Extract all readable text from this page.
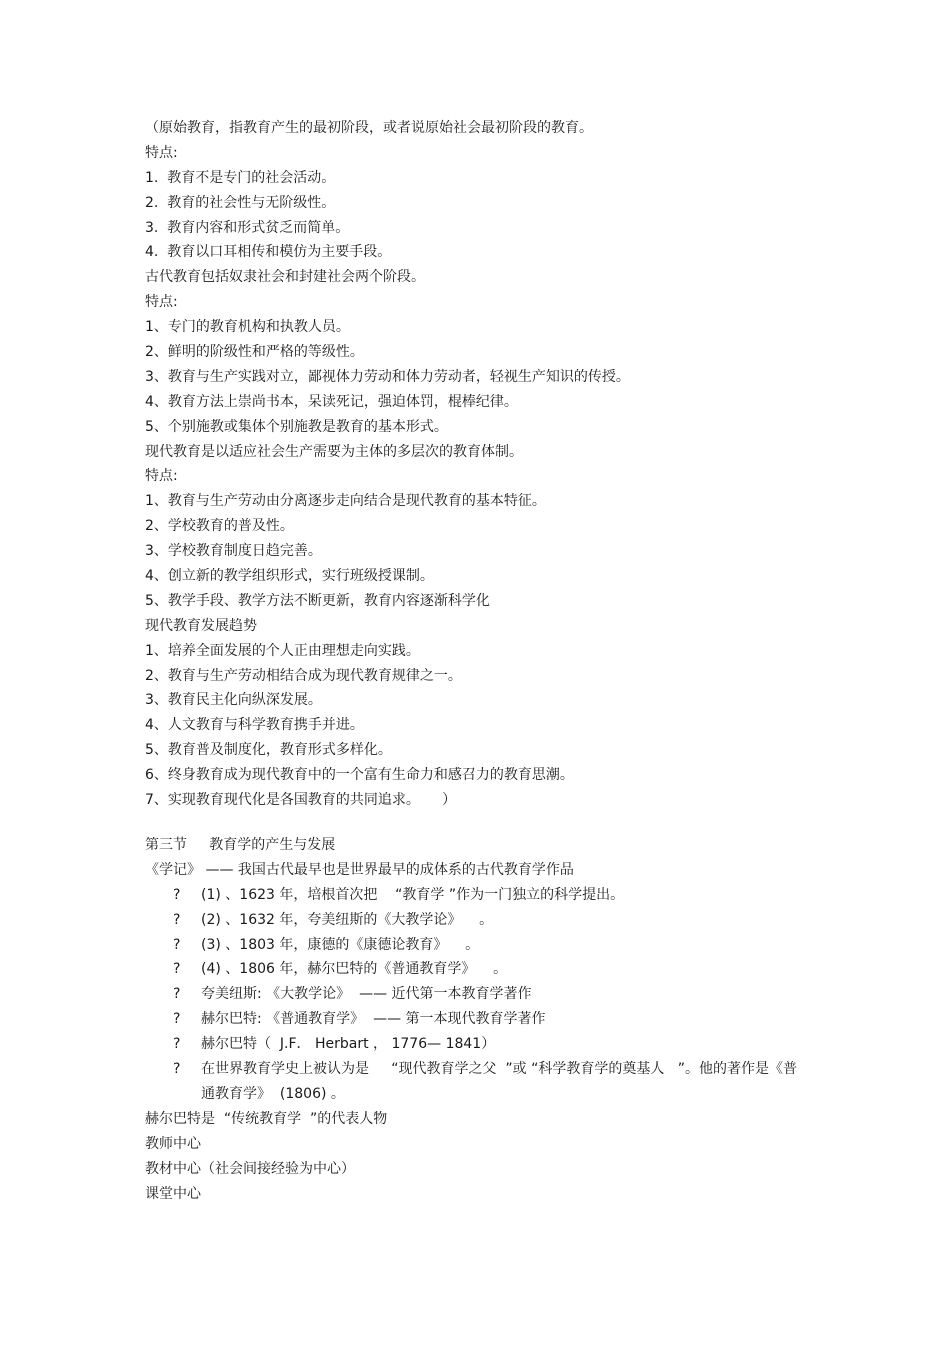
（原始教育，指教育产生的最初阶段，或者说原始社会最初阶段的教育。
特点:
1.  教育不是专门的社会活动。
2.  教育的社会性与无阶级性。
3.  教育内容和形式贫乏而简单。
4.  教育以口耳相传和模仿为主要手段。
古代教育包括奴隶社会和封建社会两个阶段。
特点:
1、专门的教育机构和执教人员。
2、鲜明的阶级性和严格的等级性。
3、教育与生产实践对立，鄙视体力劳动和体力劳动者，轻视生产知识的传授。
4、教育方法上崇尚书本，呆读死记，强迫体罚，棍棒纪律。
5、个别施教或集体个别施教是教育的基本形式。
现代教育是以适应社会生产需要为主体的多层次的教育体制。
特点:
1、教育与生产劳动由分离逐步走向结合是现代教育的基本特征。
2、学校教育的普及性。
3、学校教育制度日趋完善。
4、创立新的教学组织形式，实行班级授课制。
5、教学手段、教学方法不断更新，教育内容逐渐科学化
现代教育发展趋势
1、培养全面发展的个人正由理想走向实践。
2、教育与生产劳动相结合成为现代教育规律之一。
3、教育民主化向纵深发展。
4、人文教育与科学教育携手并进。
5、教育普及制度化，教育形式多样化。
6、终身教育成为现代教育中的一个富有生命力和感召力的教育思潮。
7、实现教育现代化是各国教育的共同追求。     ）
第三节     教育学的产生与发展
《学记》 —— 我国古代最早也是世界最早的成体系的古代教育学作品
?	(1) 、1623 年，培根首次把    “教育学 ”作为一门独立的科学提出。
?	(2) 、1632 年，夸美纽斯的《大教学论》    。
?	(3) 、1803 年，康德的《康德论教育》    。
?	(4) 、1806 年，赫尔巴特的《普通教育学》    。
?	夸美纽斯: 《大教学论》  —— 近代第一本教育学著作
?	赫尔巴特: 《普通教育学》  —— 第一本现代教育学著作
?	赫尔巴特（  J.F． Herbart ， 1776— 1841）
?	在世界教育学史上被认为是     “现代教育学之父  ”或 “科学教育学的奠基人   ”。他的著作是《普通教育学》  (1806) 。
赫尔巴特是  “传统教育学  ”的代表人物
教师中心
教材中心（社会间接经验为中心）
课堂中心
